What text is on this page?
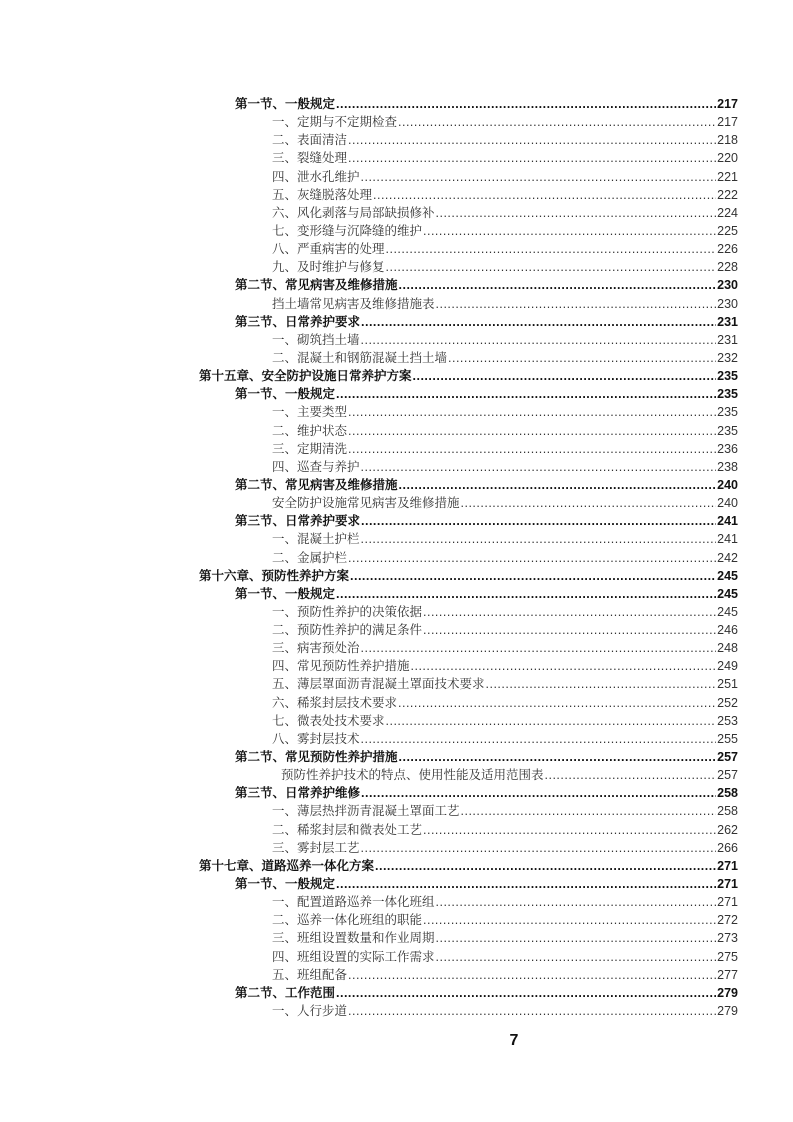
第一节、一般规定 .....	217
一、定期与不定期检查 .....	217
二、表面清洁 .....	218
三、裂缝处理 .....	220
四、泄水孔维护 .....	221
五、灰缝脱落处理 .....	222
六、风化剥落与局部缺损修补 .....	224
七、变形缝与沉降缝的维护 .....	225
八、严重病害的处理 .....	226
九、及时维护与修复 .....	228
第二节、常见病害及维修措施 .....	230
挡土墙常见病害及维修措施表 .....	230
第三节、日常养护要求 .....	231
一、砌筑挡土墙 .....	231
二、混凝土和钢筋混凝土挡土墙 .....	232
第十五章、安全防护设施日常养护方案 .....	235
第一节、一般规定 .....	235
一、主要类型 .....	235
二、维护状态 .....	235
三、定期清洗 .....	236
四、巡查与养护 .....	238
第二节、常见病害及维修措施 .....	240
安全防护设施常见病害及维修措施 .....	240
第三节、日常养护要求 .....	241
一、混凝土护栏 .....	241
二、金属护栏 .....	242
第十六章、预防性养护方案 .....	245
第一节、一般规定 .....	245
一、预防性养护的决策依据 .....	245
二、预防性养护的满足条件 .....	246
三、病害预处治 .....	248
四、常见预防性养护措施 .....	249
五、薄层罩面沥青混凝土罩面技术要求 .....	251
六、稀浆封层技术要求 .....	252
七、微表处技术要求 .....	253
八、雾封层技术 .....	255
第二节、常见预防性养护措施 .....	257
预防性养护技术的特点、使用性能及适用范围表 .....	257
第三节、日常养护维修 .....	258
一、薄层热拌沥青混凝土罩面工艺 .....	258
二、稀浆封层和微表处工艺 .....	262
三、雾封层工艺 .....	266
第十七章、道路巡养一体化方案 .....	271
第一节、一般规定 .....	271
一、配置道路巡养一体化班组 .....	271
二、巡养一体化班组的职能 .....	272
三、班组设置数量和作业周期 .....	273
四、班组设置的实际工作需求 .....	275
五、班组配备 .....	277
第二节、工作范围 .....	279
一、人行步道 .....	279
7
